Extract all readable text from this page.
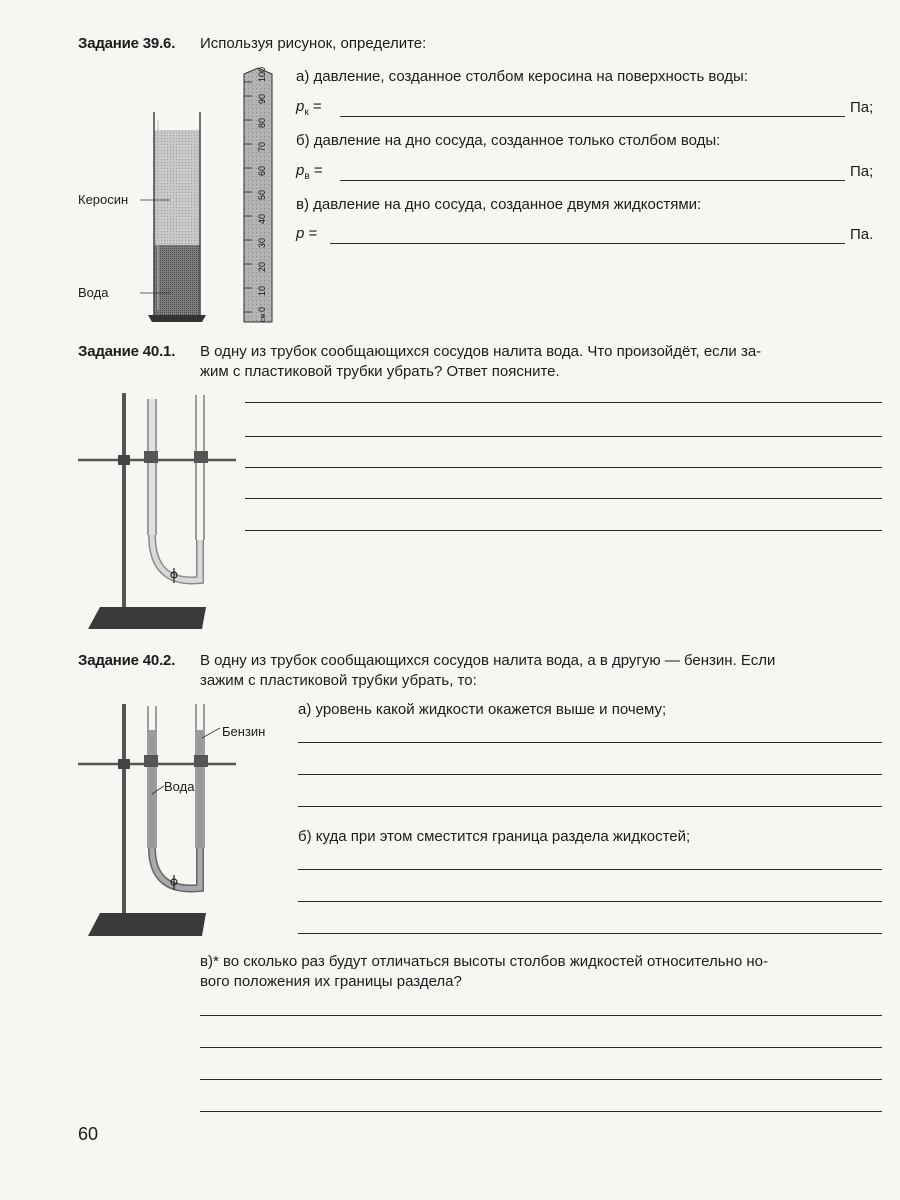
Задание 39.6. Используя рисунок, определите:
0
10
20
30
40
50
60
70
80
90
100
см
Керосин
Вода
а) давление, созданное столбом керосина на поверхность воды:
$p_к$ =	Па;
б) давление на дно сосуда, созданное только столбом воды:
$p_в$ =	Па;
в) давление на дно сосуда, созданное двумя жидкостями:
p =	Па.
Задание 40.1. В одну из трубок сообщающихся сосудов налита вода. Что произойдёт, если за-
жим с пластиковой трубки убрать? Ответ поясните.
Задание 40.2. В одну из трубок сообщающихся сосудов налита вода, а в другую — бензин. Если
зажим с пластиковой трубки убрать, то:
Бензин
Вода
а) уровень какой жидкости окажется выше и почему;
б) куда при этом сместится граница раздела жидкостей;
в)* во сколько раз будут отличаться высоты столбов жидкостей относительно но-
вого положения их границы раздела?
60
